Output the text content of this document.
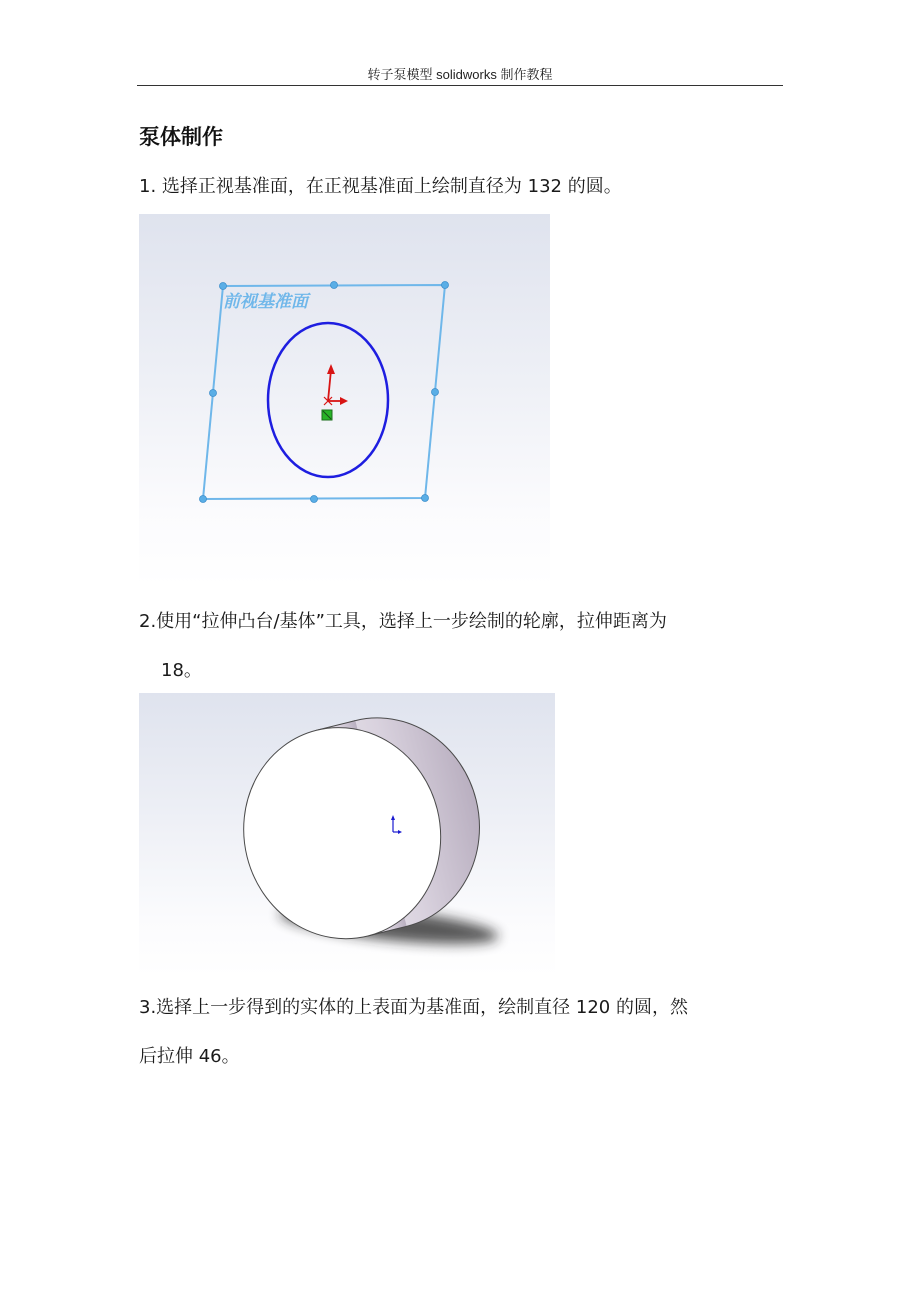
转子泵模型 solidworks 制作教程
泵体制作
1. 选择正视基准面，在正视基准面上绘制直径为 132 的圆。
前视基准面
2.使用“拉伸凸台/基体”工具，选择上一步绘制的轮廓，拉伸距离为
18。
3.选择上一步得到的实体的上表面为基准面，绘制直径 120 的圆，然
后拉伸 46。
